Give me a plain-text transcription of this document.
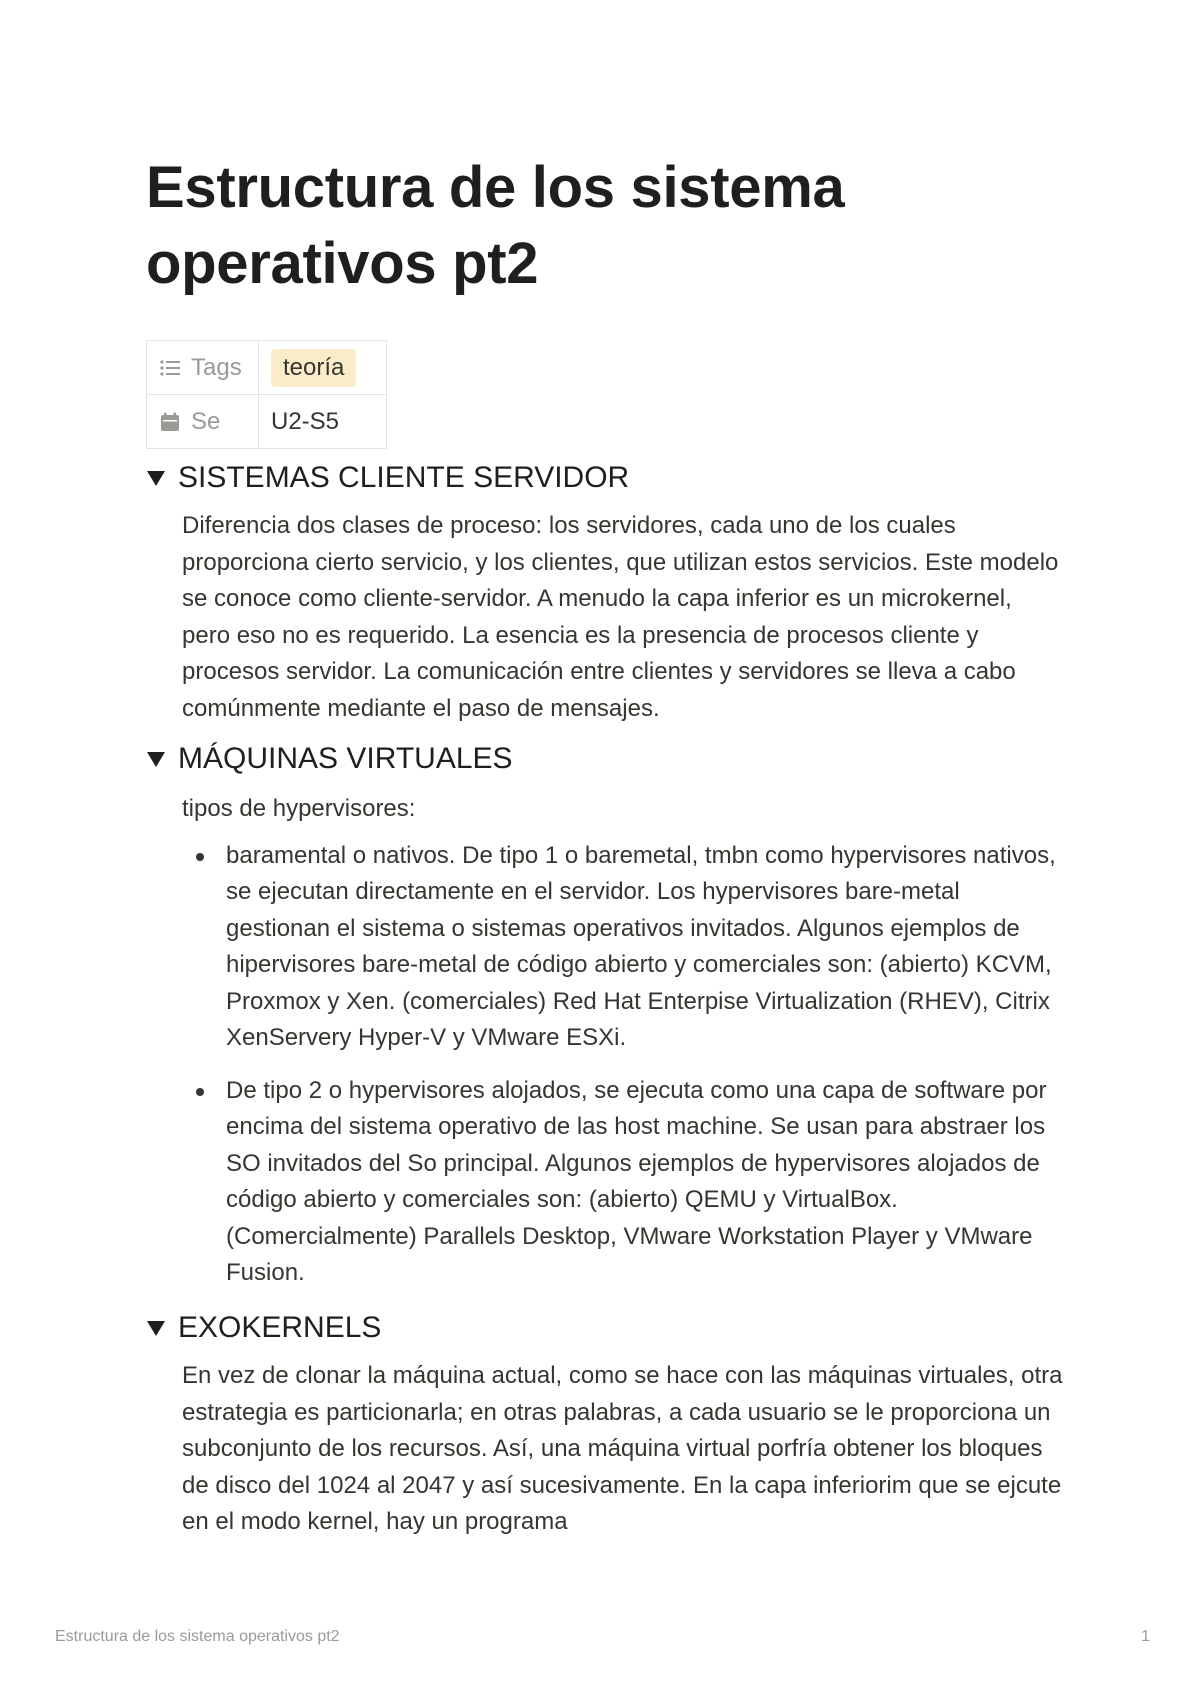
Estructura de los sistema operativos pt2
Tags	teoría

Se	U2-S5
SISTEMAS CLIENTE SERVIDOR

Diferencia dos clases de proceso: los servidores, cada uno de los cuales proporciona cierto servicio, y los clientes, que utilizan estos servicios. Este modelo se conoce como cliente-servidor. A menudo la capa inferior es un microkernel, pero eso no es requerido. La esencia es la presencia de procesos cliente y procesos servidor. La comunicación entre clientes y servidores se lleva a cabo comúnmente mediante el paso de mensajes.

MÁQUINAS VIRTUALES

tipos de hypervisores:

baramental o nativos. De tipo 1 o baremetal, tmbn como hypervisores nativos, se ejecutan directamente en el servidor. Los hypervisores bare-metal gestionan el sistema o sistemas operativos invitados. Algunos ejemplos de hipervisores bare-metal de código abierto y comerciales son: (abierto) KCVM, Proxmox y Xen. (comerciales) Red Hat Enterpise Virtualization (RHEV), Citrix XenServery Hyper-V y VMware ESXi.
De tipo 2 o hypervisores alojados, se ejecuta como una capa de software por encima del sistema operativo de las host machine. Se usan para abstraer los SO invitados del So principal. Algunos ejemplos de hypervisores alojados de código abierto y comerciales son: (abierto) QEMU y VirtualBox. (Comercialmente) Parallels Desktop, VMware Workstation Player y VMware Fusion.
EXOKERNELS

En vez de clonar la máquina actual, como se hace con las máquinas virtuales, otra estrategia es particionarla; en otras palabras, a cada usuario se le proporciona un subconjunto de los recursos. Así, una máquina virtual porfría obtener los bloques de disco del 1024 al 2047 y así sucesivamente. En la capa inferiorim que se ejcute en el modo kernel, hay un programa

Estructura de los sistema operativos pt2	1
